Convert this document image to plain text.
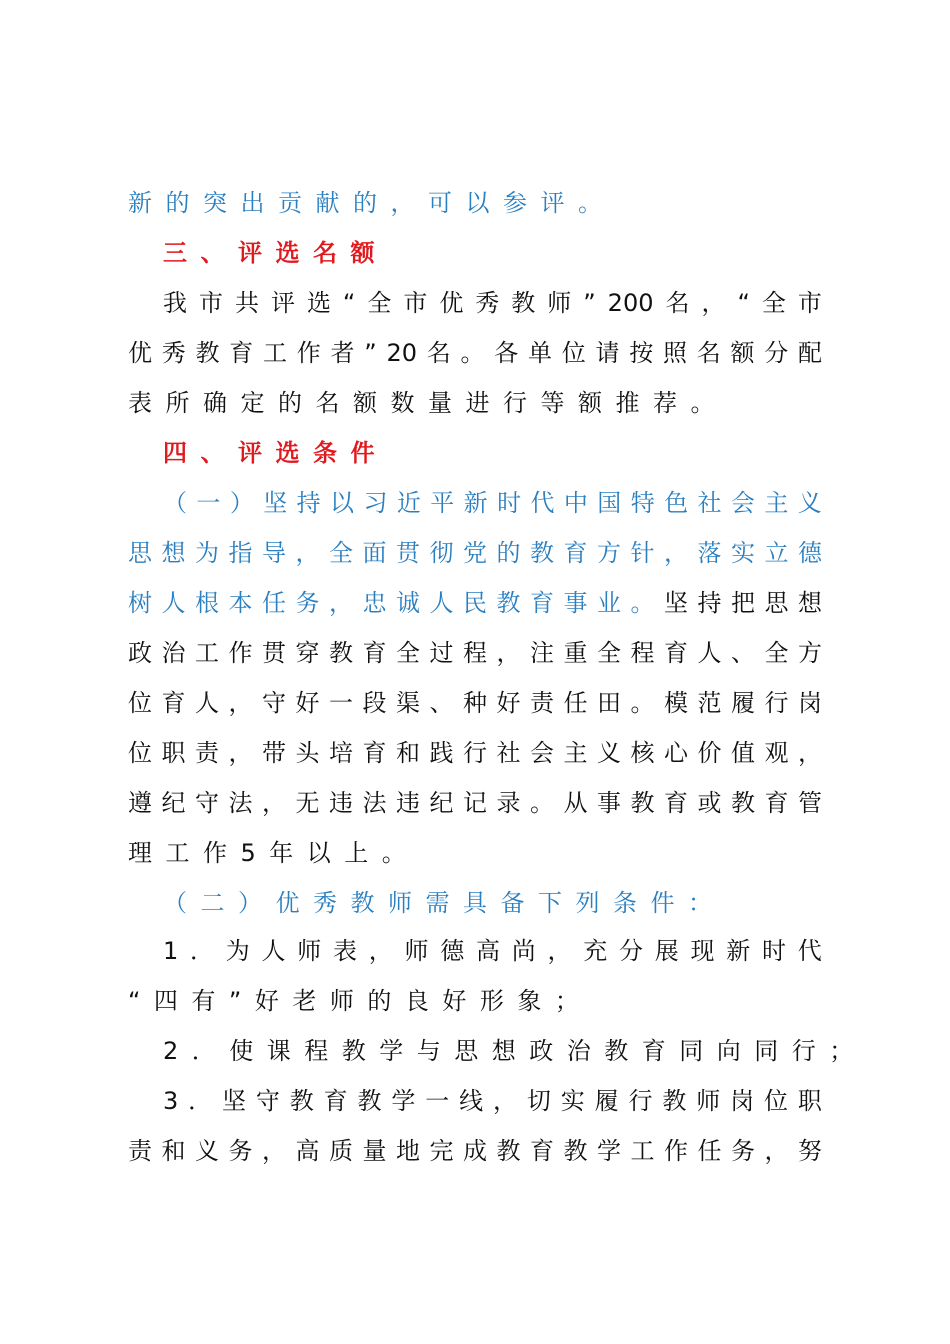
新的突出贡献的，可以参评。
三、评选名额
我 市 共 评 选 “ 全 市 优 秀 教 师 ” 200 名 ， “ 全 市
优 秀 教 育 工 作 者 ” 20 名 。 各 单 位 请 按 照 名 额 分 配
表所确定的名额数量进行等额推荐。
四、评选条件
（ 一 ） 坚 持 以 习 近 平 新 时 代 中 国 特 色 社 会 主 义
思 想 为 指 导 ， 全 面 贯 彻 党 的 教 育 方 针 ， 落 实 立 德
树 人 根 本 任 务 ， 忠 诚 人 民 教 育 事 业 。 坚 持 把 思 想
政 治 工 作 贯 穿 教 育 全 过 程 ， 注 重 全 程 育 人 、 全 方
位 育 人 ， 守 好 一 段 渠 、 种 好 责 任 田 。 模 范 履 行 岗
位 职 责 ， 带 头 培 育 和 践 行 社 会 主 义 核 心 价 值 观 ，
遵 纪 守 法 ， 无 违 法 违 纪 记 录 。 从 事 教 育 或 教 育 管
理工作5年以上。
（二）优秀教师需具备下列条件：
1 ． 为 人 师 表 ， 师 德 高 尚 ， 充 分 展 现 新 时 代
“四有”好老师的良好形象；
2．使课程教学与思想政治教育同向同行；
3 ． 坚 守 教 育 教 学 一 线 ， 切 实 履 行 教 师 岗 位 职
责 和 义 务 ， 高 质 量 地 完 成 教 育 教 学 工 作 任 务 ， 努
